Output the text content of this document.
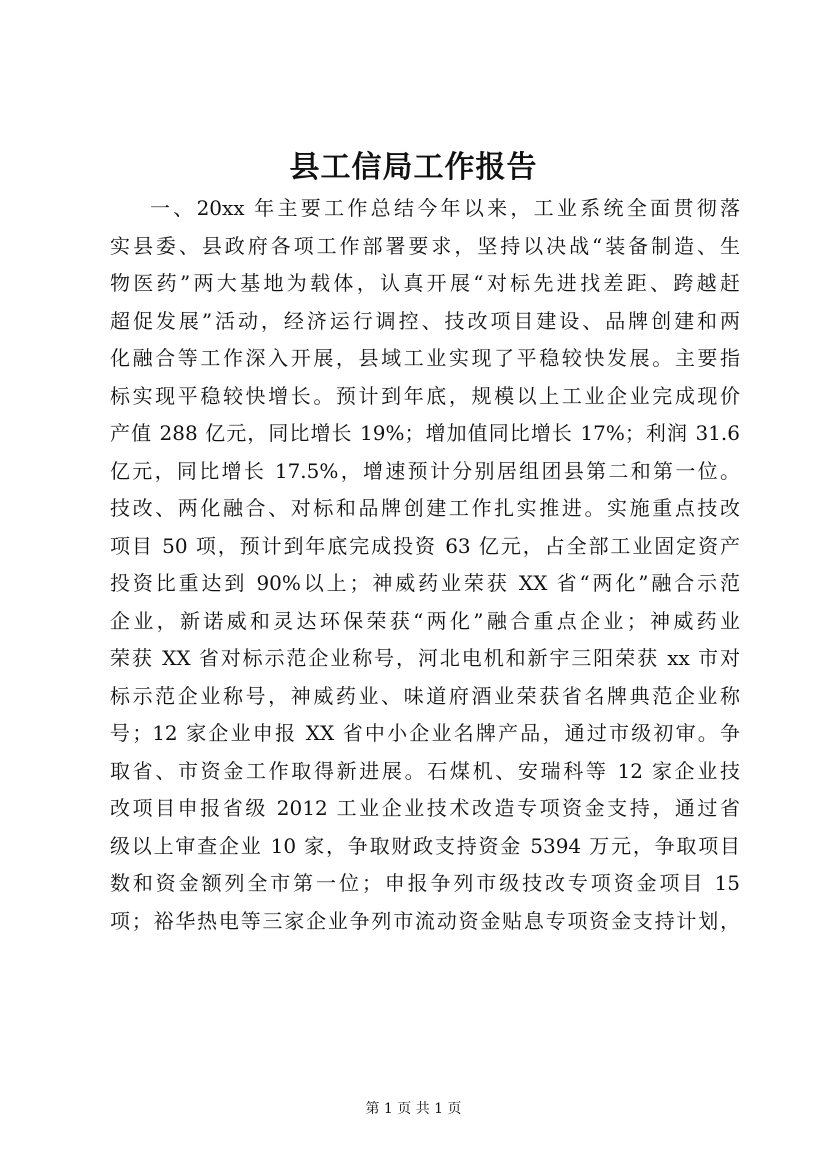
县工信局工作报告
一、20xx 年主要工作总结今年以来，工业系统全面贯彻落
实县委、县政府各项工作部署要求，坚持以决战“装备制造、生
物医药”两大基地为载体，认真开展“对标先进找差距、跨越赶
超促发展”活动，经济运行调控、技改项目建设、品牌创建和两
化融合等工作深入开展，县域工业实现了平稳较快发展。主要指
标实现平稳较快增长。预计到年底，规模以上工业企业完成现价
产值 288 亿元，同比增长 19%；增加值同比增长 17%；利润 31.6
亿元，同比增长 17.5%，增速预计分别居组团县第二和第一位。
技改、两化融合、对标和品牌创建工作扎实推进。实施重点技改
项目 50 项，预计到年底完成投资 63 亿元，占全部工业固定资产
投资比重达到 90%以上；神威药业荣获 XX 省“两化”融合示范
企业，新诺威和灵达环保荣获“两化”融合重点企业；神威药业
荣获 XX 省对标示范企业称号，河北电机和新宇三阳荣获 xx 市对
标示范企业称号，神威药业、味道府酒业荣获省名牌典范企业称
号；12 家企业申报 XX 省中小企业名牌产品，通过市级初审。争
取省、市资金工作取得新进展。石煤机、安瑞科等 12 家企业技
改项目申报省级 2012 工业企业技术改造专项资金支持，通过省
级以上审查企业 10 家，争取财政支持资金 5394 万元，争取项目
数和资金额列全市第一位；申报争列市级技改专项资金项目 15
项；裕华热电等三家企业争列市流动资金贴息专项资金支持计划，
第 1 页 共 1 页
